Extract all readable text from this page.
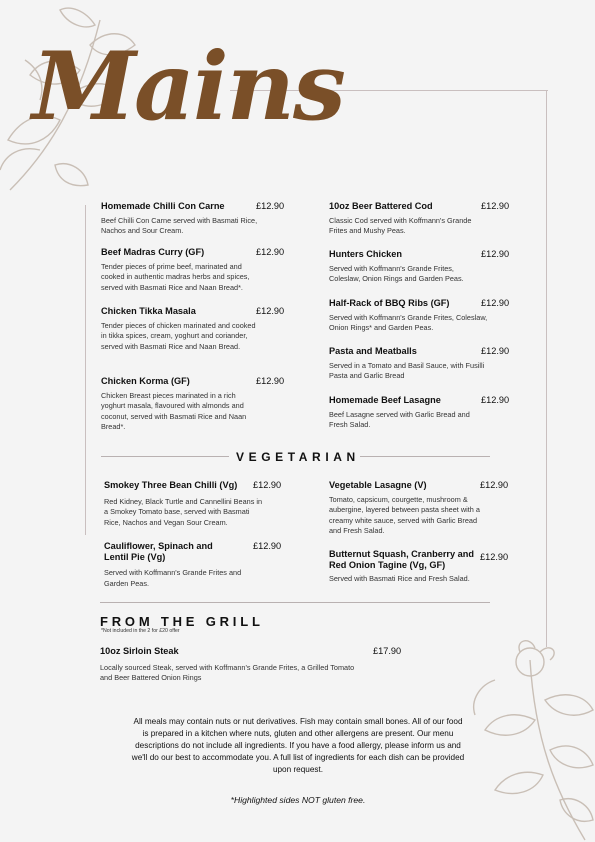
Mains
Homemade Chilli Con Carne	£12.90
Beef Chilli Con Carne served with Basmati Rice, Nachos and Sour Cream.
Beef Madras Curry (GF)	£12.90
Tender pieces of prime beef, marinated and cooked in authentic madras herbs and spices, served with Basmati Rice and Naan Bread*.
Chicken Tikka Masala	£12.90
Tender pieces of chicken marinated and cooked in tikka spices, cream, yoghurt and coriander, served with Basmati Rice and Naan Bread.
Chicken Korma (GF)	£12.90
Chicken Breast pieces marinated in a rich yoghurt masala, flavoured with almonds and coconut, served with Basmati Rice and Naan Bread*.
10oz Beer Battered Cod	£12.90
Classic Cod served with Koffmann's Grande Frites and Mushy Peas.
Hunters Chicken	£12.90
Served with Koffmann's Grande Frites, Coleslaw, Onion Rings and Garden Peas.
Half-Rack of BBQ Ribs (GF)	£12.90
Served with Koffmann's Grande Frites, Coleslaw, Onion Rings* and Garden Peas.
Pasta and Meatballs	£12.90
Served in a Tomato and Basil Sauce, with Fusilli Pasta and Garlic Bread
Homemade Beef Lasagne	£12.90
Beef Lasagne served with Garlic Bread and Fresh Salad.
VEGETARIAN
Smokey Three Bean Chilli (Vg)	£12.90
Red Kidney, Black Turtle and Cannellini Beans in a Smokey Tomato base, served with Basmati Rice, Nachos and Vegan Sour Cream.
Cauliflower, Spinach and Lentil Pie (Vg)
£12.90
Served with Koffmann's Grande Frites and Garden Peas.
Vegetable Lasagne (V)	£12.90
Tomato, capsicum, courgette, mushroom & aubergine, layered between pasta sheet with a creamy white sauce, served with Garlic Bread and Fresh Salad.
Butternut Squash, Cranberry and Red Onion Tagine (Vg, GF)
£12.90
Served with Basmati Rice and Fresh Salad.
FROM THE GRILL
*Not included in the 2 for £20 offer
10oz Sirloin Steak	£17.90
Locally sourced Steak, served with Koffmann's Grande Frites, a Grilled Tomato and Beer Battered Onion Rings
All meals may contain nuts or nut derivatives. Fish may contain small bones. All of our food is prepared in a kitchen where nuts, gluten and other allergens are present. Our menu descriptions do not include all ingredients. If you have a food allergy, please inform us and we'll do our best to accommodate you. A full list of ingredients for each dish can be provided upon request.
*Highlighted sides NOT gluten free.
